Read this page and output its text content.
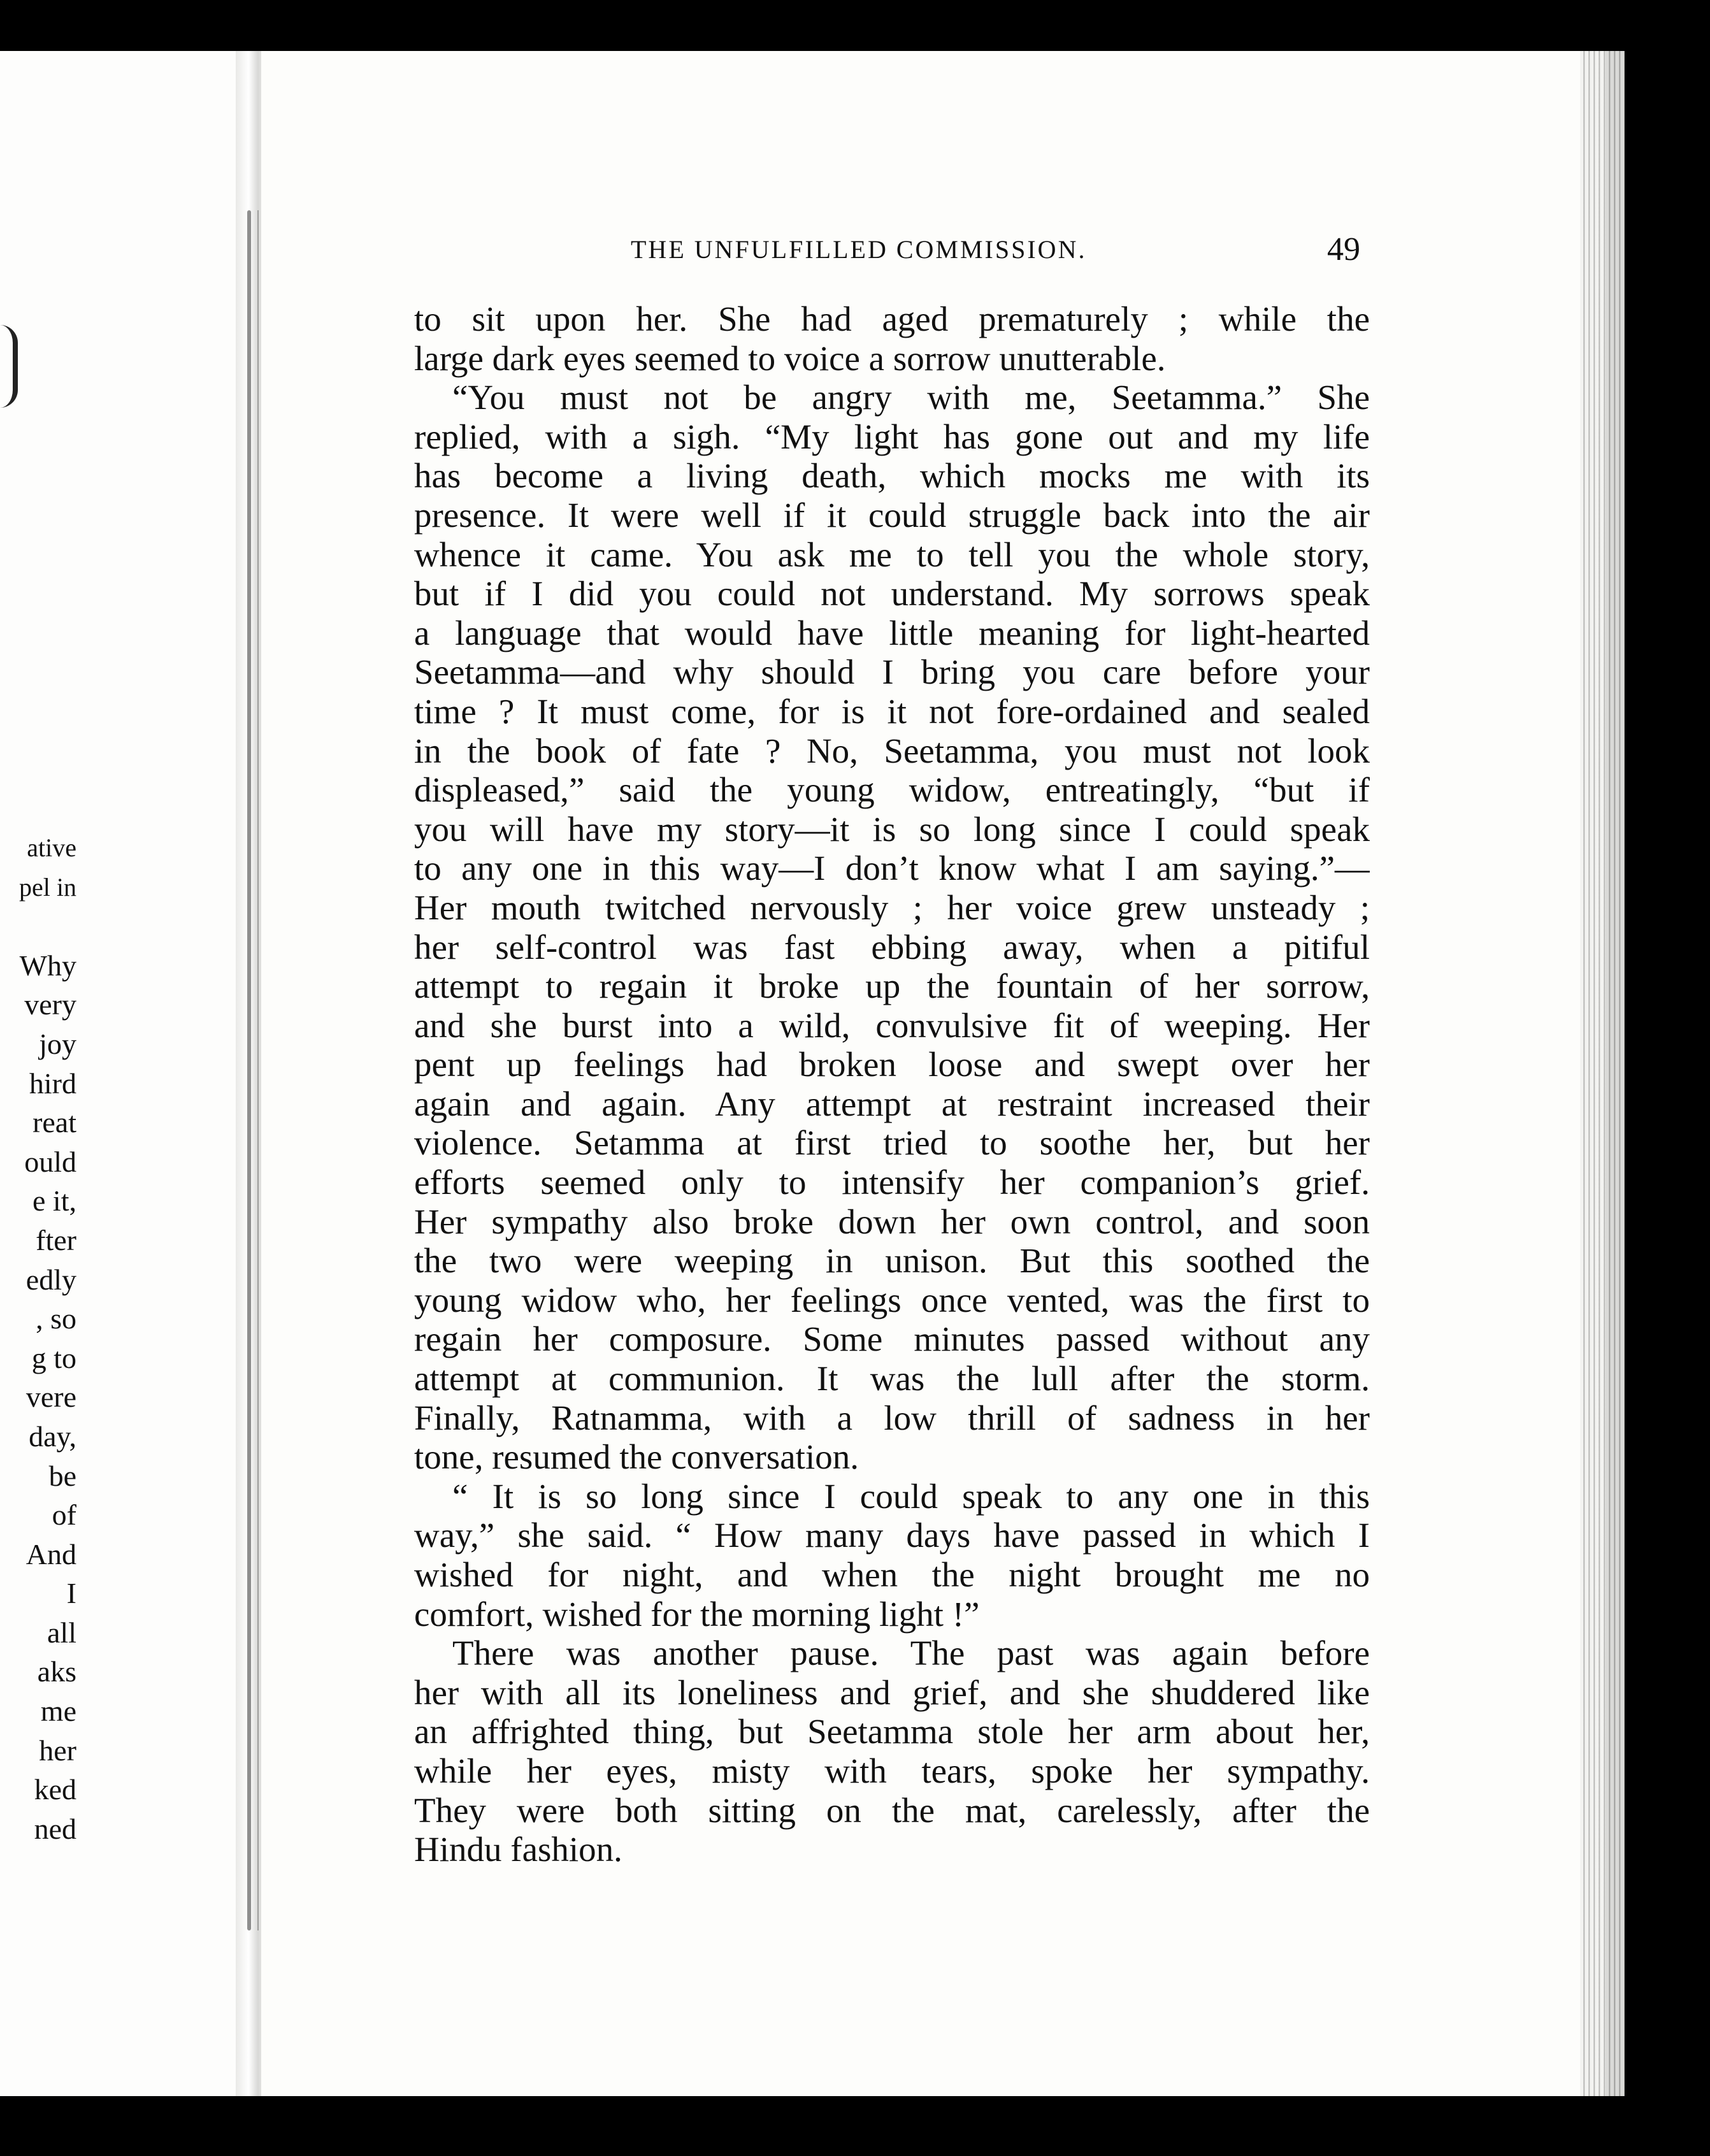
ative
pel in
Why
very
joy
hird
reat
ould
e it,
fter
edly
, so
g to
vere
day,
be
of
And
I
all
aks
me
her
ked
ned
THE UNFULFILLED COMMISSION.	49
to sit upon her. She had aged prematurely ; while the
large dark eyes seemed to voice a sorrow unutterable.
“You must not be angry with me, Seetamma.” She
replied, with a sigh. “My light has gone out and my life
has become a living death, which mocks me with its
presence. It were well if it could struggle back into the air
whence it came. You ask me to tell you the whole story,
but if I did you could not understand. My sorrows speak
a language that would have little meaning for light-hearted
Seetamma—and why should I bring you care before your
time ? It must come, for is it not fore-ordained and sealed
in the book of fate ? No, Seetamma, you must not look
displeased,” said the young widow, entreatingly, “but if
you will have my story—it is so long since I could speak
to any one in this way—I don’t know what I am saying.”—
Her mouth twitched nervously ; her voice grew unsteady ;
her self-control was fast ebbing away, when a pitiful
attempt to regain it broke up the fountain of her sorrow,
and she burst into a wild, convulsive fit of weeping. Her
pent up feelings had broken loose and swept over her
again and again. Any attempt at restraint increased their
violence. Setamma at first tried to soothe her, but her
efforts seemed only to intensify her companion’s grief.
Her sympathy also broke down her own control, and soon
the two were weeping in unison. But this soothed the
young widow who, her feelings once vented, was the first to
regain her composure. Some minutes passed without any
attempt at communion. It was the lull after the storm.
Finally, Ratnamma, with a low thrill of sadness in her
tone, resumed the conversation.
“ It is so long since I could speak to any one in this
way,” she said. “ How many days have passed in which I
wished for night, and when the night brought me no
comfort, wished for the morning light !”
There was another pause. The past was again before
her with all its loneliness and grief, and she shuddered like
an affrighted thing, but Seetamma stole her arm about her,
while her eyes, misty with tears, spoke her sympathy.
They were both sitting on the mat, carelessly, after the
Hindu fashion.
